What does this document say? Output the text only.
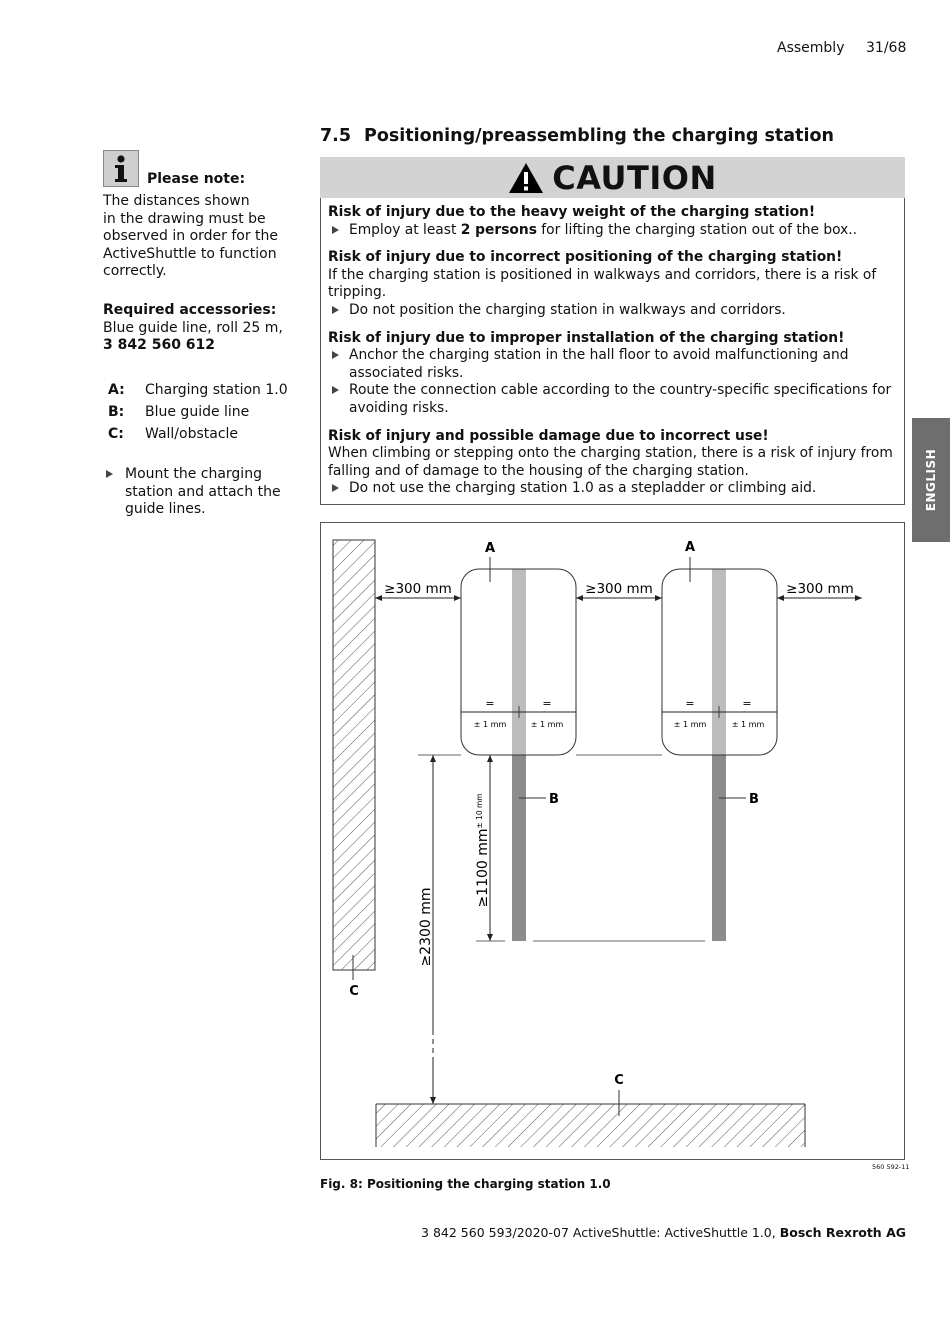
Assembly 31/68
7.5 Positioning/preassembling the charging station
CAUTION
Risk of injury due to the heavy weight of the charging station!
Employ at least 2 persons for lifting the charging station out of the box..
Risk of injury due to incorrect positioning of the charging station!
If the charging station is positioned in walkways and corridors, there is a risk of tripping.
Do not position the charging station in walkways and corridors.
Risk of injury due to improper installation of the charging station!
Anchor the charging station in the hall floor to avoid malfunctioning and associated risks.
Route the connection cable according to the country-specific specifications for avoiding risks.
Risk of injury and possible damage due to incorrect use!
When climbing or stepping onto the charging station, there is a risk of injury from falling and of damage to the housing of the charging station.
Do not use the charging station 1.0 as a stepladder or climbing aid.
Please note:
The distances shown
in the drawing must be
observed in order for the
ActiveShuttle to function
correctly.
Required accessories:
Blue guide line, roll 25 m,
3 842 560 612
A: Charging station 1.0
B: Blue guide line
C: Wall/obstacle
Mount the charging
station and attach the
guide lines.	ENGLISH
A	A
≥300 mm	≥300 mm	≥300 mm
=	=
± 1 mm	± 1 mm
=	=
± 1 mm	± 1 mm
≥1100 mm
± 10 mm
≥2300 mm
B	B
C
C
560 592-11
Fig. 8: Positioning the charging station 1.0
3 842 560 593/2020-07 ActiveShuttle: ActiveShuttle 1.0, Bosch Rexroth AG
